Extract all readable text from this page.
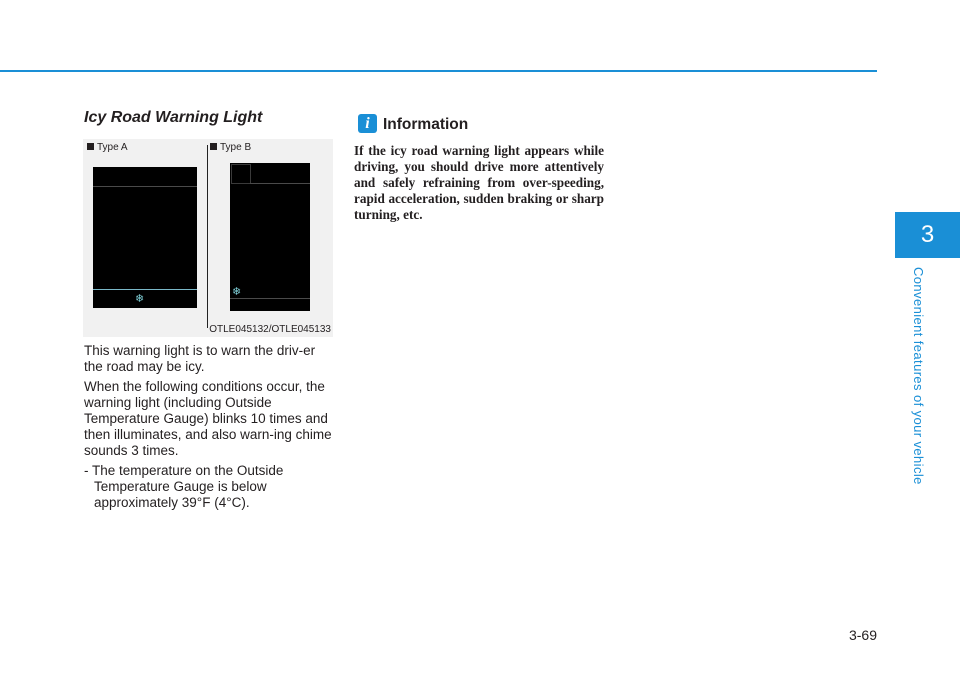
3
Convenient features of your vehicle
3-69
Icy Road Warning Light
Type A	Type B
❄
❄
OTLE045132/OTLE045133
This warning light is to warn the driv-er the road may be icy.
When the following conditions occur, the warning light (including Outside Temperature Gauge) blinks 10 times and then illuminates, and also warn-ing chime sounds 3 times.
- The temperature on the Outside Temperature Gauge is below approximately 39°F (4°C).
i Information
If the icy road warning light appears while driving, you should drive more attentively and safely refraining from over-speeding, rapid acceleration, sudden braking or sharp turning, etc.
